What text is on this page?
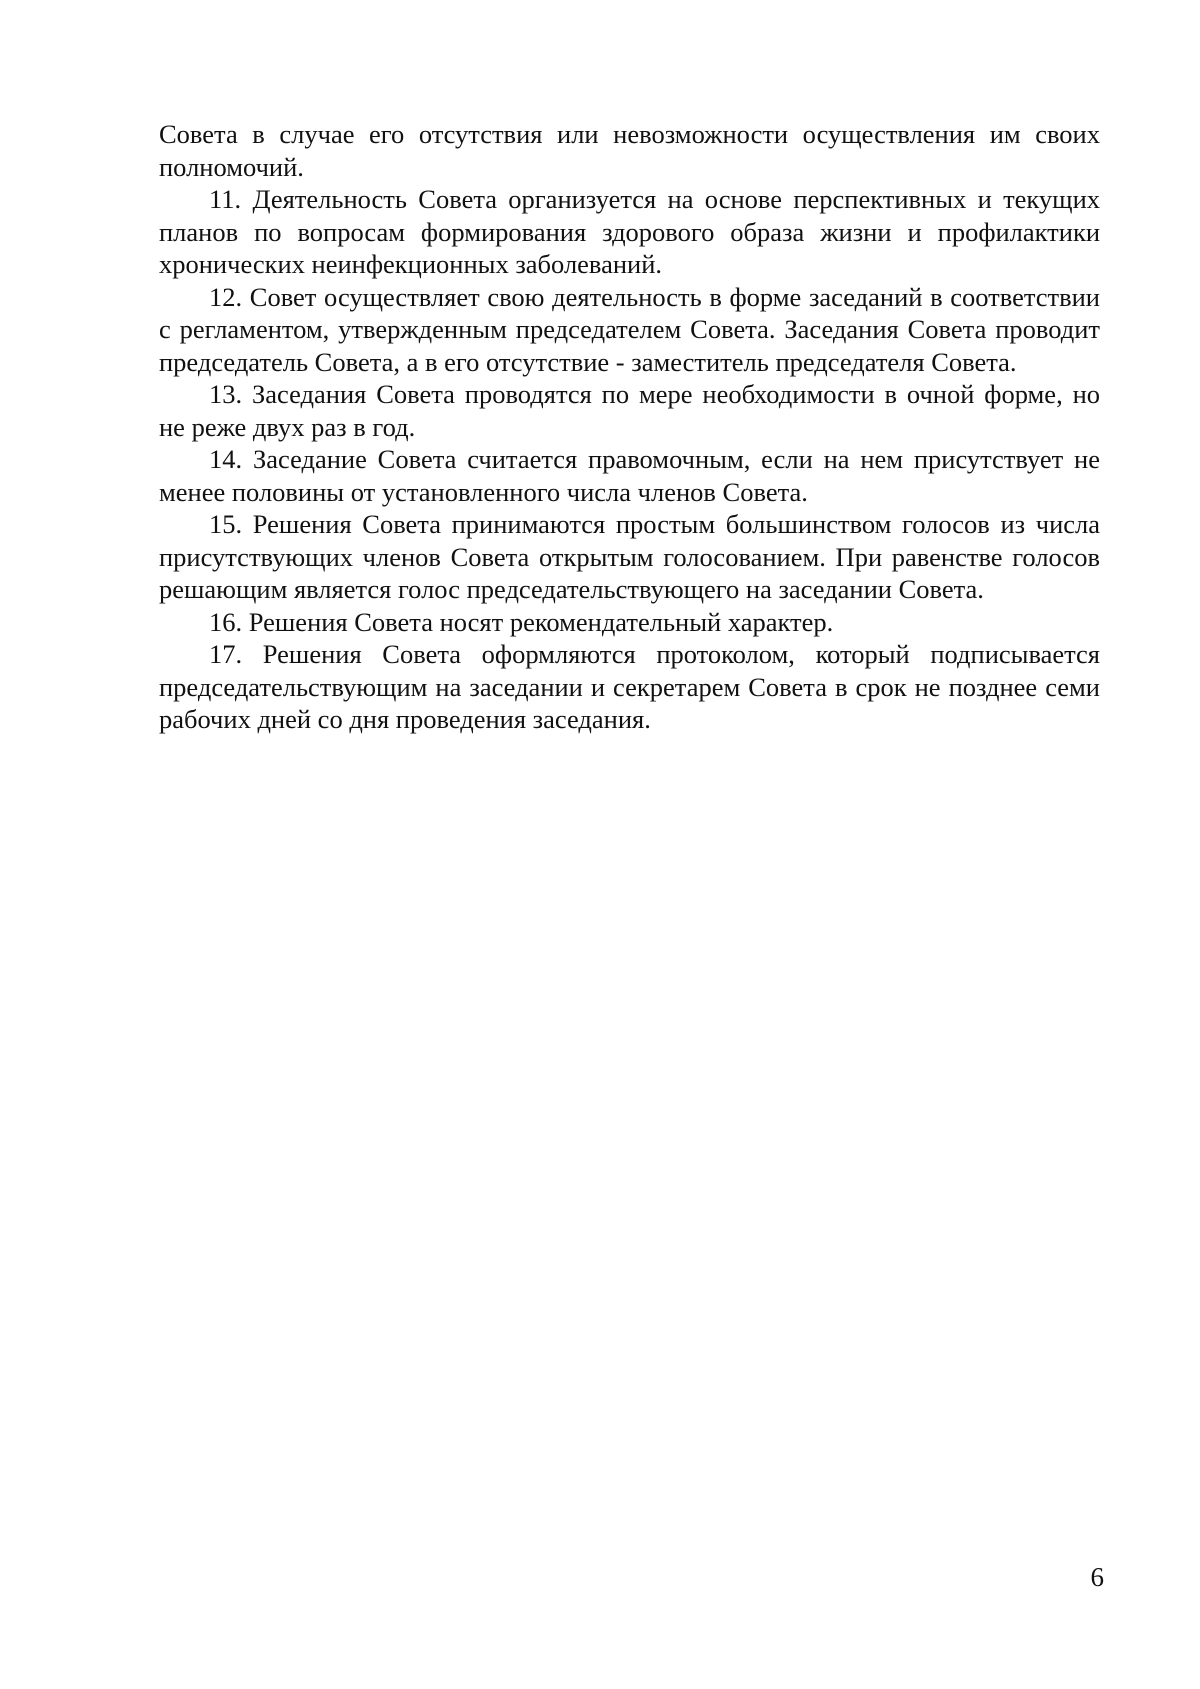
Совета в случае его отсутствия или невозможности осуществления им своих полномочий.

11. Деятельность Совета организуется на основе перспективных и текущих планов по вопросам формирования здорового образа жизни и профилактики хронических неинфекционных заболеваний.

12. Совет осуществляет свою деятельность в форме заседаний в соответствии с регламентом, утвержденным председателем Совета. Заседания Совета проводит председатель Совета, а в его отсутствие - заместитель председателя Совета.

13. Заседания Совета проводятся по мере необходимости в очной форме, но не реже двух раз в год.

14. Заседание Совета считается правомочным, если на нем присутствует не менее половины от установленного числа членов Совета.

15. Решения Совета принимаются простым большинством голосов из числа присутствующих членов Совета открытым голосованием. При равенстве голосов решающим является голос председательствующего на заседании Совета.

16. Решения Совета носят рекомендательный характер.

17. Решения Совета оформляются протоколом, который подписывается председательствующим на заседании и секретарем Совета в срок не позднее семи рабочих дней со дня проведения заседания.

6
